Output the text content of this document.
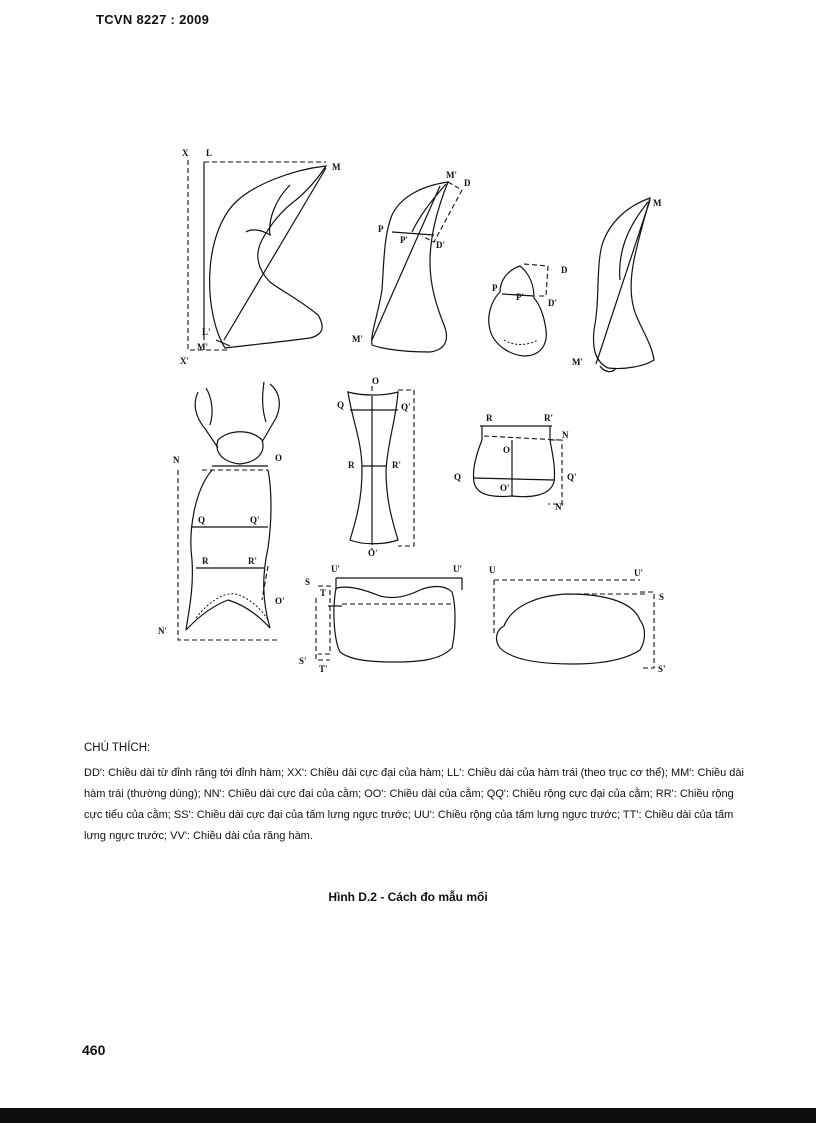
TCVN 8227 : 2009
X L
M
L'
M'
X'
M'
D
P
P'	D'
M'
D
P
P'
D'
M
M'
N	O
Q	Q'
R	R'
O'
N'
O
Q	Q'
R	R'
O'
R	R'
N
O
Q	Q'
O'
N'
U'	U'
S
T
S'
T'
U	U'
S
S'
CHÚ THÍCH:
DD': Chiều dài từ đỉnh răng tới đỉnh hàm; XX': Chiều dài cực đại của hàm; LL': Chiều dài của hàm trái (theo trục cơ thể); MM': Chiều dài hàm trái (thường dùng); NN': Chiều dài cực đại của cằm; OO': Chiều dài của cằm; QQ': Chiều rộng cực đại của cằm; RR': Chiều rộng cực tiểu của cằm; SS': Chiều dài cực đại của tấm lưng ngực trước; UU': Chiều rộng của tấm lưng ngực trước; TT': Chiều dài của tấm lưng ngực trước; VV': Chiều dài của răng hàm.
Hình D.2 - Cách đo mẫu mối
460
